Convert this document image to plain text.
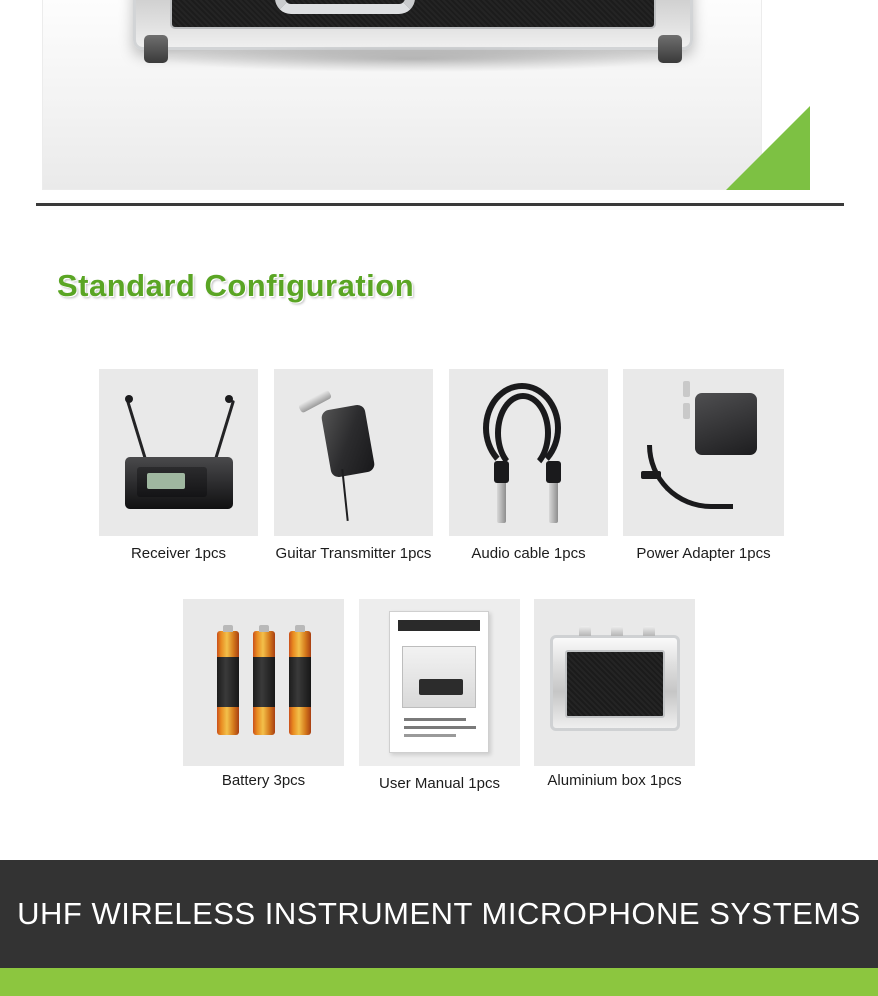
Standard Configuration
Receiver 1pcs	Guitar Transmitter 1pcs	Audio cable 1pcs	Power Adapter 1pcs
Battery 3pcs	User Manual 1pcs	Aluminium box 1pcs
UHF WIRELESS INSTRUMENT MICROPHONE SYSTEMS
